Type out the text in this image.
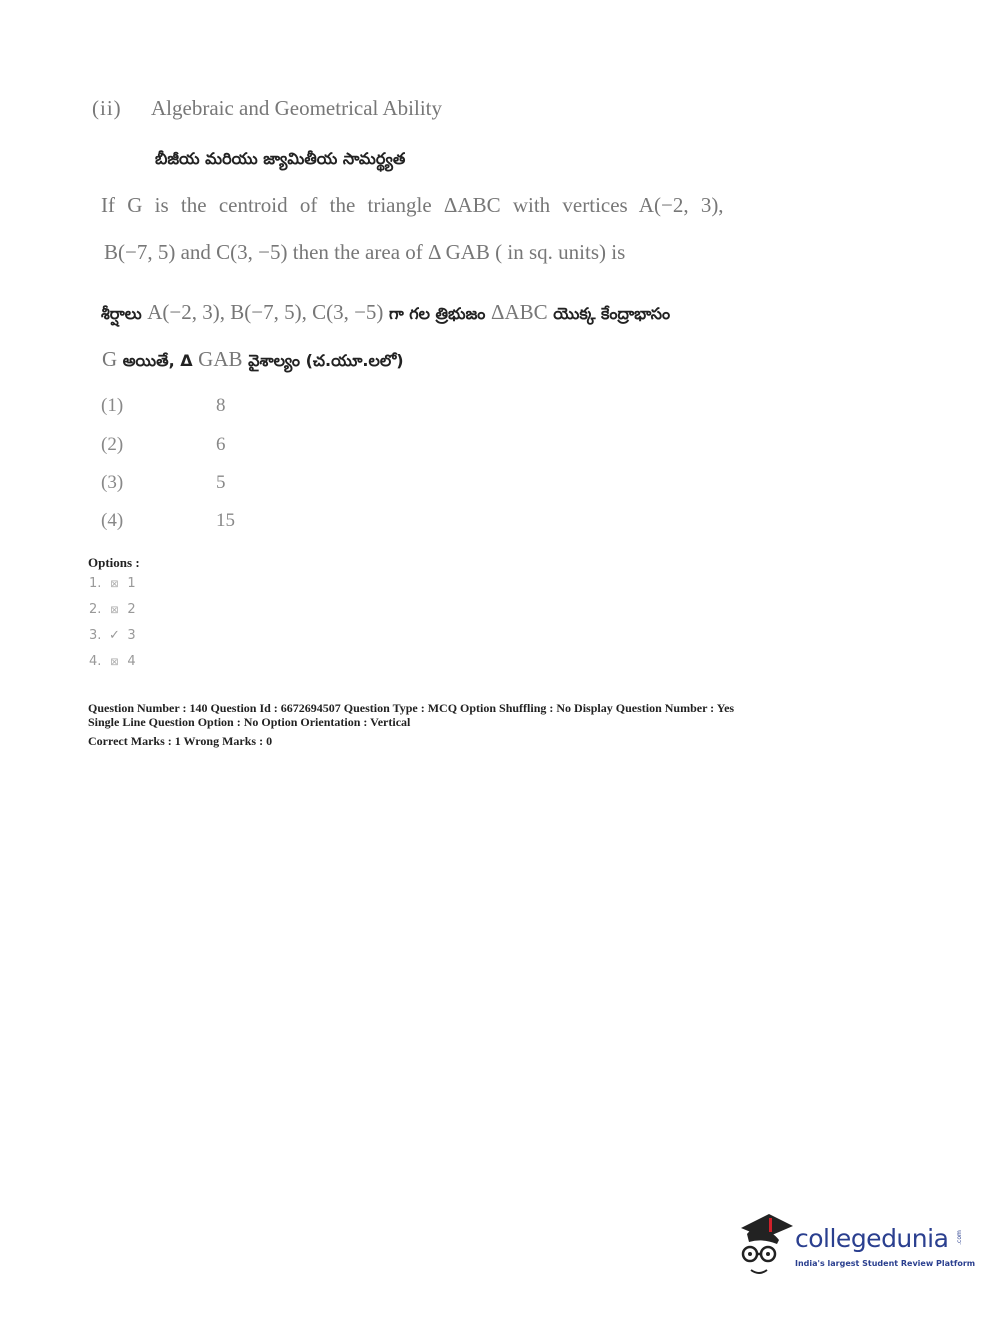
(ii) Algebraic and Geometrical Ability
బీజీయ మరియు జ్యామితీయ సామర్థ్యత
If G is the centroid of the triangle ΔABC with vertices A(−2, 3),
B(−7, 5) and C(3, −5) then the area of Δ GAB ( in sq. units) is
శీర్షాలు A(−2, 3), B(−7, 5), C(3, −5) గా గల త్రిభుజం ΔABC యొక్క కేంద్రాభాసం
G అయితే, Δ GAB వైశాల్యం (చ.యూ.లలో)
(1)	8
(2)	6
(3)	5
(4)	15
Options :
1. ⊠ 1
2. ⊠ 2
3. ✓ 3
4. ⊠ 4
Question Number : 140 Question Id : 6672694507 Question Type : MCQ Option Shuffling : No Display Question Number : Yes
Single Line Question Option : No Option Orientation : Vertical
Correct Marks : 1 Wrong Marks : 0
collegedunia .com
India's largest Student Review Platform
